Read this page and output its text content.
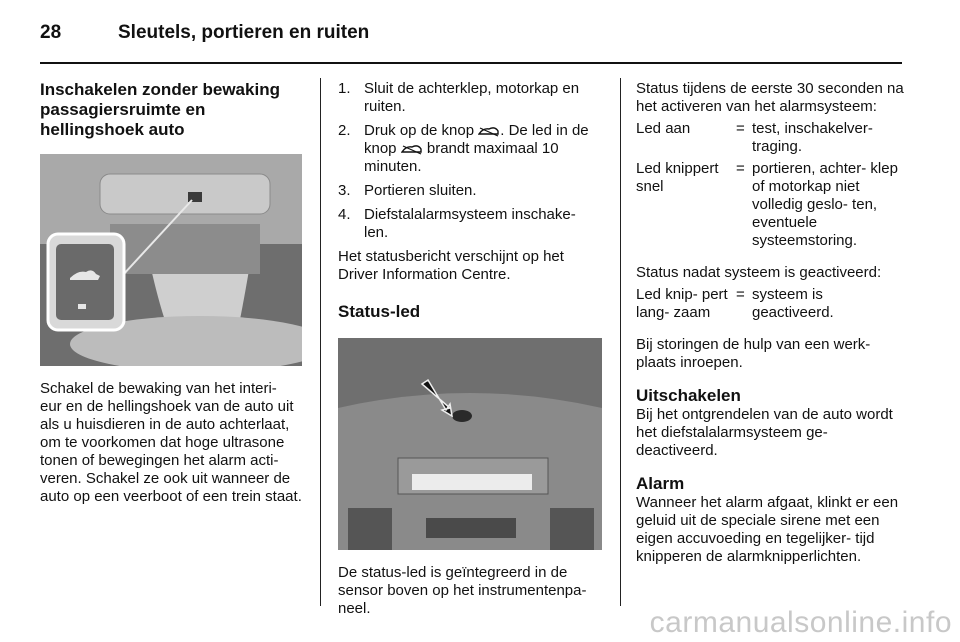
28	Sleutels, portieren en ruiten
Inschakelen zonder bewaking passagiersruimte en hellingshoek auto

Schakel de bewaking van het interi- eur en de hellingshoek van de auto uit als u huisdieren in de auto achterlaat, om te voorkomen dat hoge ultrasone tonen of bewegingen het alarm acti- veren. Schakel ze ook uit wanneer de auto op een veerboot of een trein staat.

1. Sluit de achterklep, motorkap en ruiten.
2. Druk op de knop . De led in de knop brandt maximaal 10 minuten.
3. Portieren sluiten.
4. Diefstalalarmsysteem inschake- len.

Het statusbericht verschijnt op het Driver Information Centre.

Status-led

De status-led is geïntegreerd in de sensor boven op het instrumentenpa- neel.

Status tijdens de eerste 30 seconden na het activeren van het alarmsysteem:

Led aan	=	test, inschakelver- traging.
Led knippert snel	=	portieren, achter- klep of motorkap niet volledig geslo- ten, eventuele systeemstoring.

Status nadat systeem is geactiveerd:

Led knip- pert lang- zaam	=	systeem is geactiveerd.

Bij storingen de hulp van een werk- plaats inroepen.

Uitschakelen

Bij het ontgrendelen van de auto wordt het diefstalalarmsysteem ge- deactiveerd.

Alarm

Wanneer het alarm afgaat, klinkt er een geluid uit de speciale sirene met een eigen accuvoeding en tegelijker- tijd knipperen de alarmknipperlichten.

carmanualsonline.info
